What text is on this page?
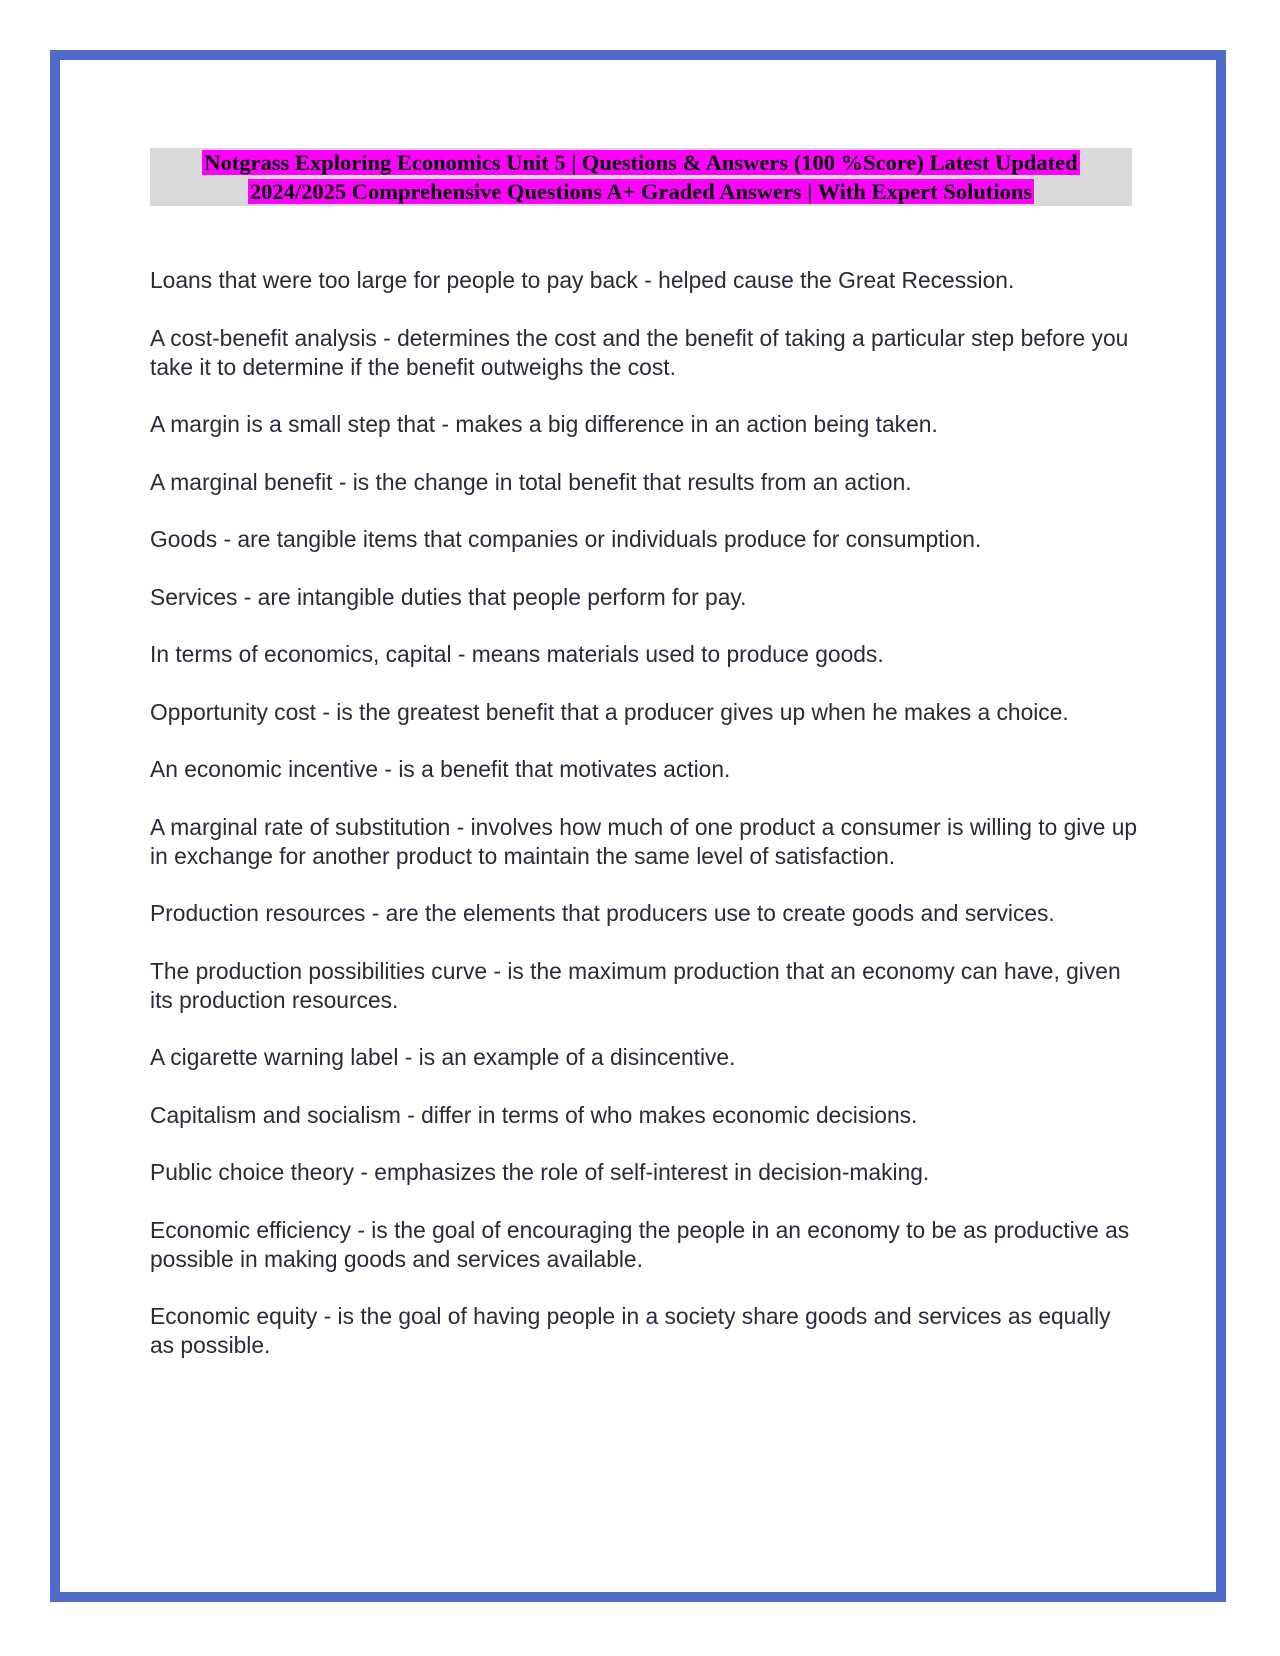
Notgrass Exploring Economics Unit 5 | Questions & Answers (100 %Score) Latest Updated
2024/2025 Comprehensive Questions A+ Graded Answers | With Expert Solutions
Loans that were too large for people to pay back - helped cause the Great Recession.
A cost-benefit analysis - determines the cost and the benefit of taking a particular step before you take it to determine if the benefit outweighs the cost.
A margin is a small step that - makes a big difference in an action being taken.
A marginal benefit - is the change in total benefit that results from an action.
Goods - are tangible items that companies or individuals produce for consumption.
Services - are intangible duties that people perform for pay.
In terms of economics, capital - means materials used to produce goods.
Opportunity cost - is the greatest benefit that a producer gives up when he makes a choice.
An economic incentive - is a benefit that motivates action.
A marginal rate of substitution - involves how much of one product a consumer is willing to give up in exchange for another product to maintain the same level of satisfaction.
Production resources - are the elements that producers use to create goods and services.
The production possibilities curve - is the maximum production that an economy can have, given its production resources.
A cigarette warning label - is an example of a disincentive.
Capitalism and socialism - differ in terms of who makes economic decisions.
Public choice theory - emphasizes the role of self-interest in decision-making.
Economic efficiency - is the goal of encouraging the people in an economy to be as productive as possible in making goods and services available.
Economic equity - is the goal of having people in a society share goods and services as equally as possible.
